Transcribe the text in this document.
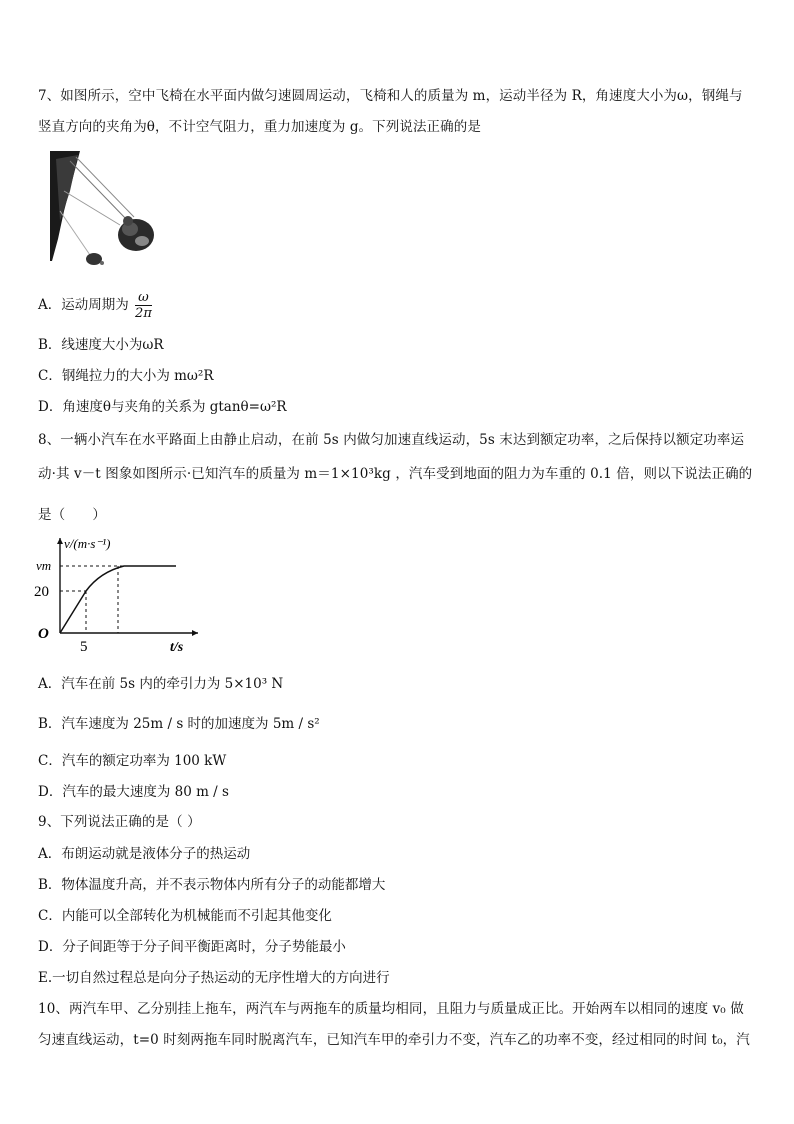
7、如图所示，空中飞椅在水平面内做匀速圆周运动，飞椅和人的质量为 m，运动半径为 R，角速度大小为ω，钢绳与
竖直方向的夹角为θ，不计空气阻力，重力加速度为 g。下列说法正确的是
A．运动周期为 $\frac{\omega}{2\pi}$
B．线速度大小为ωR
C．钢绳拉力的大小为 mω²R
D．角速度θ与夹角的关系为 gtanθ=ω²R
8、一辆小汽车在水平路面上由静止启动，在前 5s 内做匀加速直线运动，5s 末达到额定功率，之后保持以额定功率运
动·其 v－t 图象如图所示·已知汽车的质量为 m＝1×10³kg ，汽车受到地面的阻力为车重的 0.1 倍，则以下说法正确的
是（　　）
v/(m·s⁻¹)
vm
20
5
O
t/s
A．汽车在前 5s 内的牵引力为 5×10³ N
B．汽车速度为 25m / s 时的加速度为 5m / s²
C．汽车的额定功率为 100 kW
D．汽车的最大速度为 80 m / s
9、下列说法正确的是（ ）
A．布朗运动就是液体分子的热运动
B．物体温度升高，并不表示物体内所有分子的动能都增大
C．内能可以全部转化为机械能而不引起其他变化
D．分子间距等于分子间平衡距离时，分子势能最小
E.一切自然过程总是向分子热运动的无序性增大的方向进行
10、两汽车甲、乙分别挂上拖车，两汽车与两拖车的质量均相同，且阻力与质量成正比。开始两车以相同的速度 v₀ 做
匀速直线运动，t=0 时刻两拖车同时脱离汽车，已知汽车甲的牵引力不变，汽车乙的功率不变，经过相同的时间 t₀，汽
